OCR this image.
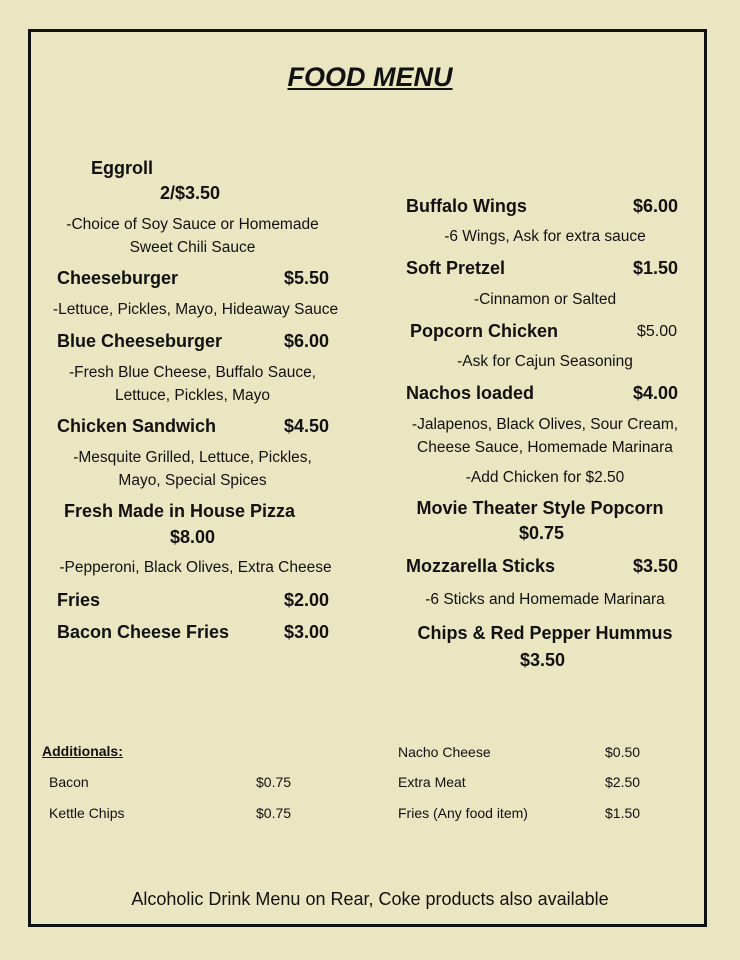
FOOD MENU
Eggroll
2/$3.50
-Choice of Soy Sauce or Homemade
Sweet Chili Sauce
Cheeseburger	$5.50
-Lettuce, Pickles, Mayo, Hideaway Sauce
Blue Cheeseburger	$6.00
-Fresh Blue Cheese, Buffalo Sauce,
Lettuce, Pickles, Mayo
Chicken Sandwich	$4.50
-Mesquite Grilled, Lettuce, Pickles,
Mayo, Special Spices
Fresh Made in House Pizza
$8.00
-Pepperoni, Black Olives, Extra Cheese
Fries	$2.00
Bacon Cheese Fries	$3.00
Buffalo Wings	$6.00
-6 Wings, Ask for extra sauce
Soft Pretzel	$1.50
-Cinnamon or Salted
Popcorn Chicken	$5.00
-Ask for Cajun Seasoning
Nachos loaded	$4.00
-Jalapenos, Black Olives, Sour Cream,
Cheese Sauce, Homemade Marinara
-Add Chicken for $2.50
Movie Theater Style Popcorn
$0.75
Mozzarella Sticks	$3.50
-6 Sticks and Homemade Marinara
Chips & Red Pepper Hummus
$3.50
Additionals:
Bacon	$0.75
Kettle Chips	$0.75
Nacho Cheese	$0.50
Extra Meat	$2.50
Fries (Any food item)	$1.50
Alcoholic Drink Menu on Rear, Coke products also available
